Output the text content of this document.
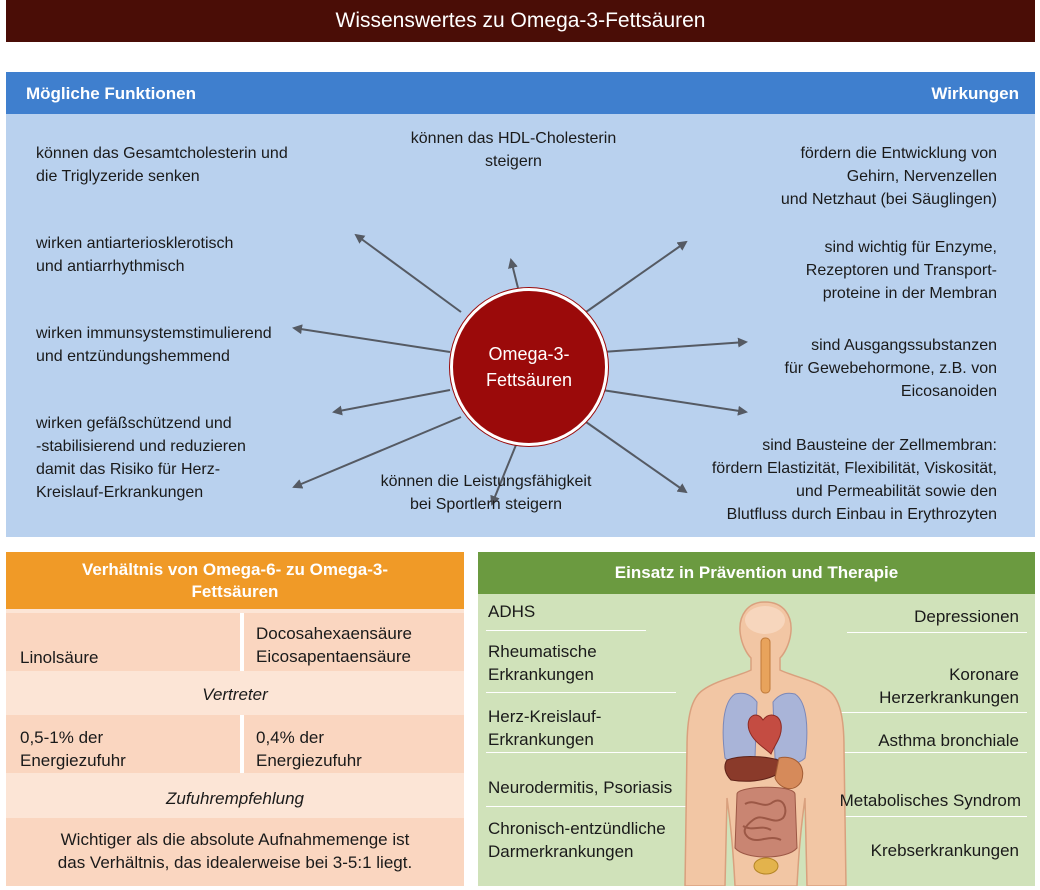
Wissenswertes zu Omega-3-Fettsäuren
Mögliche Funktionen	Wirkungen
Omega-3-
Fettsäuren
können das Gesamtcholesterin und
die Triglyzeride senken
wirken antiarteriosklerotisch
und antiarrhythmisch
wirken immunsystemstimulierend
und entzündungshemmend
wirken gefäßschützend und
-stabilisierend und reduzieren
damit das Risiko für Herz-
Kreislauf-Erkrankungen
können das HDL-Cholesterin
steigern
können die Leistungsfähigkeit
bei Sportlern steigern
fördern die Entwicklung von
Gehirn, Nervenzellen
und Netzhaut (bei Säuglingen)
sind wichtig für Enzyme,
Rezeptoren und Transport-
proteine in der Membran
sind Ausgangssubstanzen
für Gewebehormone, z.B. von
Eicosanoiden
sind Bausteine der Zellmembran:
fördern Elastizität, Flexibilität, Viskosität,
und Permeabilität sowie den
Blutfluss durch Einbau in Erythrozyten
Verhältnis von Omega-6- zu Omega-3-
Fettsäuren
Linolsäure
Docosahexaensäure
Eicosapentaensäure
Vertreter
0,5-1% der
Energiezufuhr
0,4% der
Energiezufuhr
Zufuhrempfehlung
Wichtiger als die absolute Aufnahmemenge ist
das Verhältnis, das idealerweise bei 3-5:1 liegt.
Einsatz in Prävention und Therapie
ADHS
Rheumatische
Erkrankungen
Herz-Kreislauf-
Erkrankungen
Neurodermitis, Psoriasis
Chronisch-entzündliche
Darmerkrankungen
Depressionen
Koronare
Herzerkrankungen
Asthma bronchiale
Metabolisches Syndrom
Krebserkrankungen
